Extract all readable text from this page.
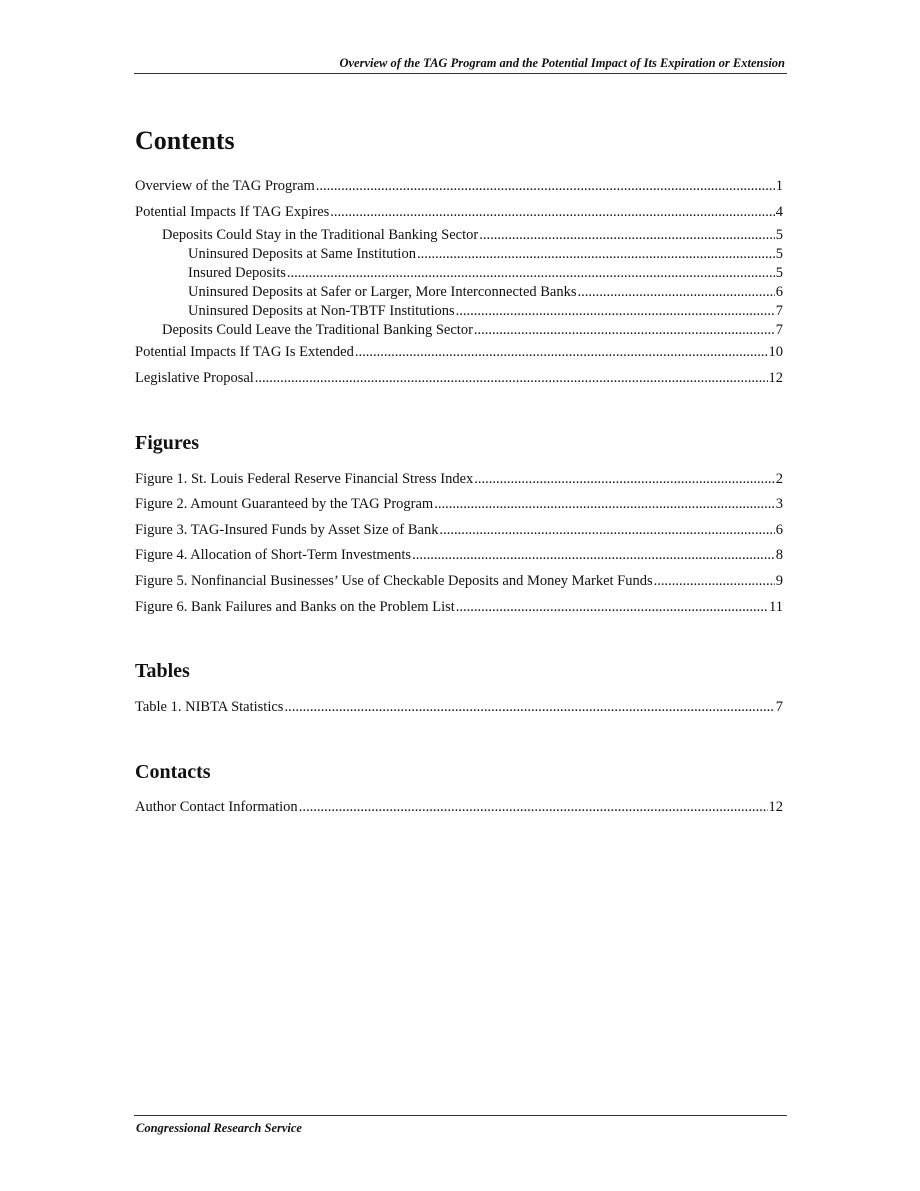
Overview of the TAG Program and the Potential Impact of Its Expiration or Extension
Contents
Overview of the TAG Program .....	1
Potential Impacts If TAG Expires .....	4
Deposits Could Stay in the Traditional Banking Sector .....	5
Uninsured Deposits at Same Institution .....	5
Insured Deposits .....	5
Uninsured Deposits at Safer or Larger, More Interconnected Banks .....	6
Uninsured Deposits at Non-TBTF Institutions .....	7
Deposits Could Leave the Traditional Banking Sector .....	7
Potential Impacts If TAG Is Extended .....	10
Legislative Proposal .....	12
Figures
Figure 1. St. Louis Federal Reserve Financial Stress Index .....	2
Figure 2. Amount Guaranteed by the TAG Program .....	3
Figure 3. TAG-Insured Funds by Asset Size of Bank .....	6
Figure 4. Allocation of Short-Term Investments .....	8
Figure 5. Nonfinancial Businesses’ Use of Checkable Deposits and Money Market Funds .....	9
Figure 6. Bank Failures and Banks on the Problem List .....	11
Tables
Table 1. NIBTA Statistics .....	7
Contacts
Author Contact Information .....	12
Congressional Research Service
